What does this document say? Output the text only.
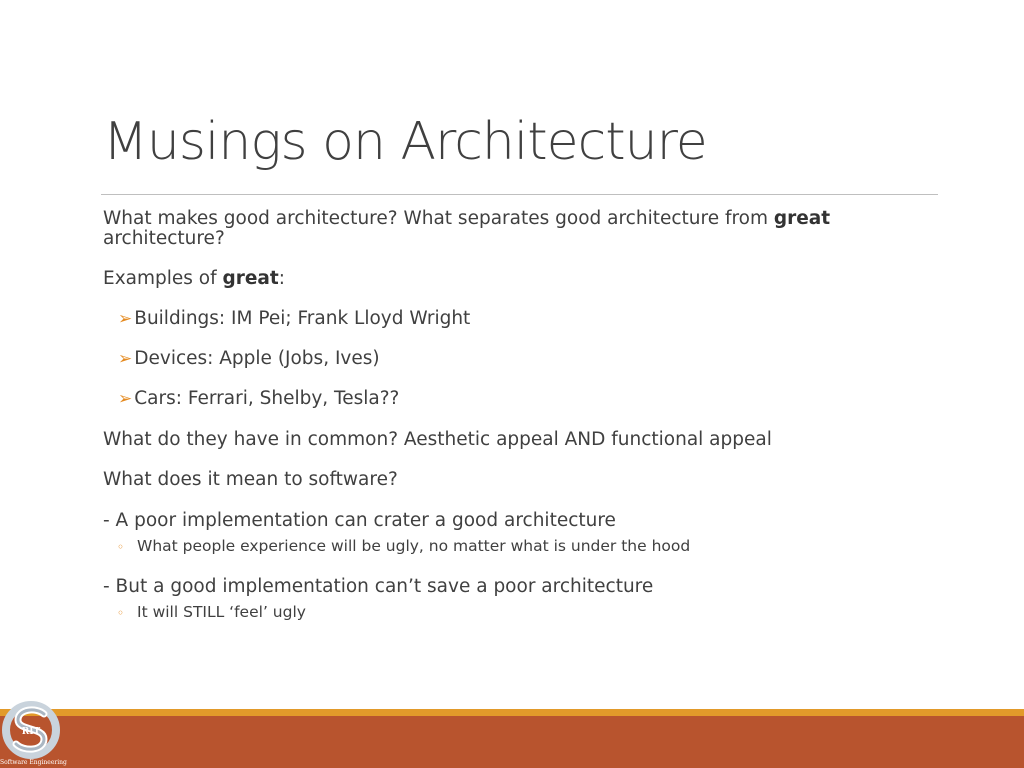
Musings on Architecture
What makes good architecture? What separates good architecture from great
architecture?
Examples of great:
➢ Buildings: IM Pei; Frank Lloyd Wright
➢ Devices: Apple (Jobs, Ives)
➢ Cars: Ferrari, Shelby, Tesla??
What do they have in common? Aesthetic appeal AND functional appeal
What does it mean to software?
- A poor implementation can crater a good architecture
◦ What people experience will be ugly, no matter what is under the hood
- But a good implementation can’t save a poor architecture
◦ It will STILL ‘feel’ ugly
RIT
Software Engineering
